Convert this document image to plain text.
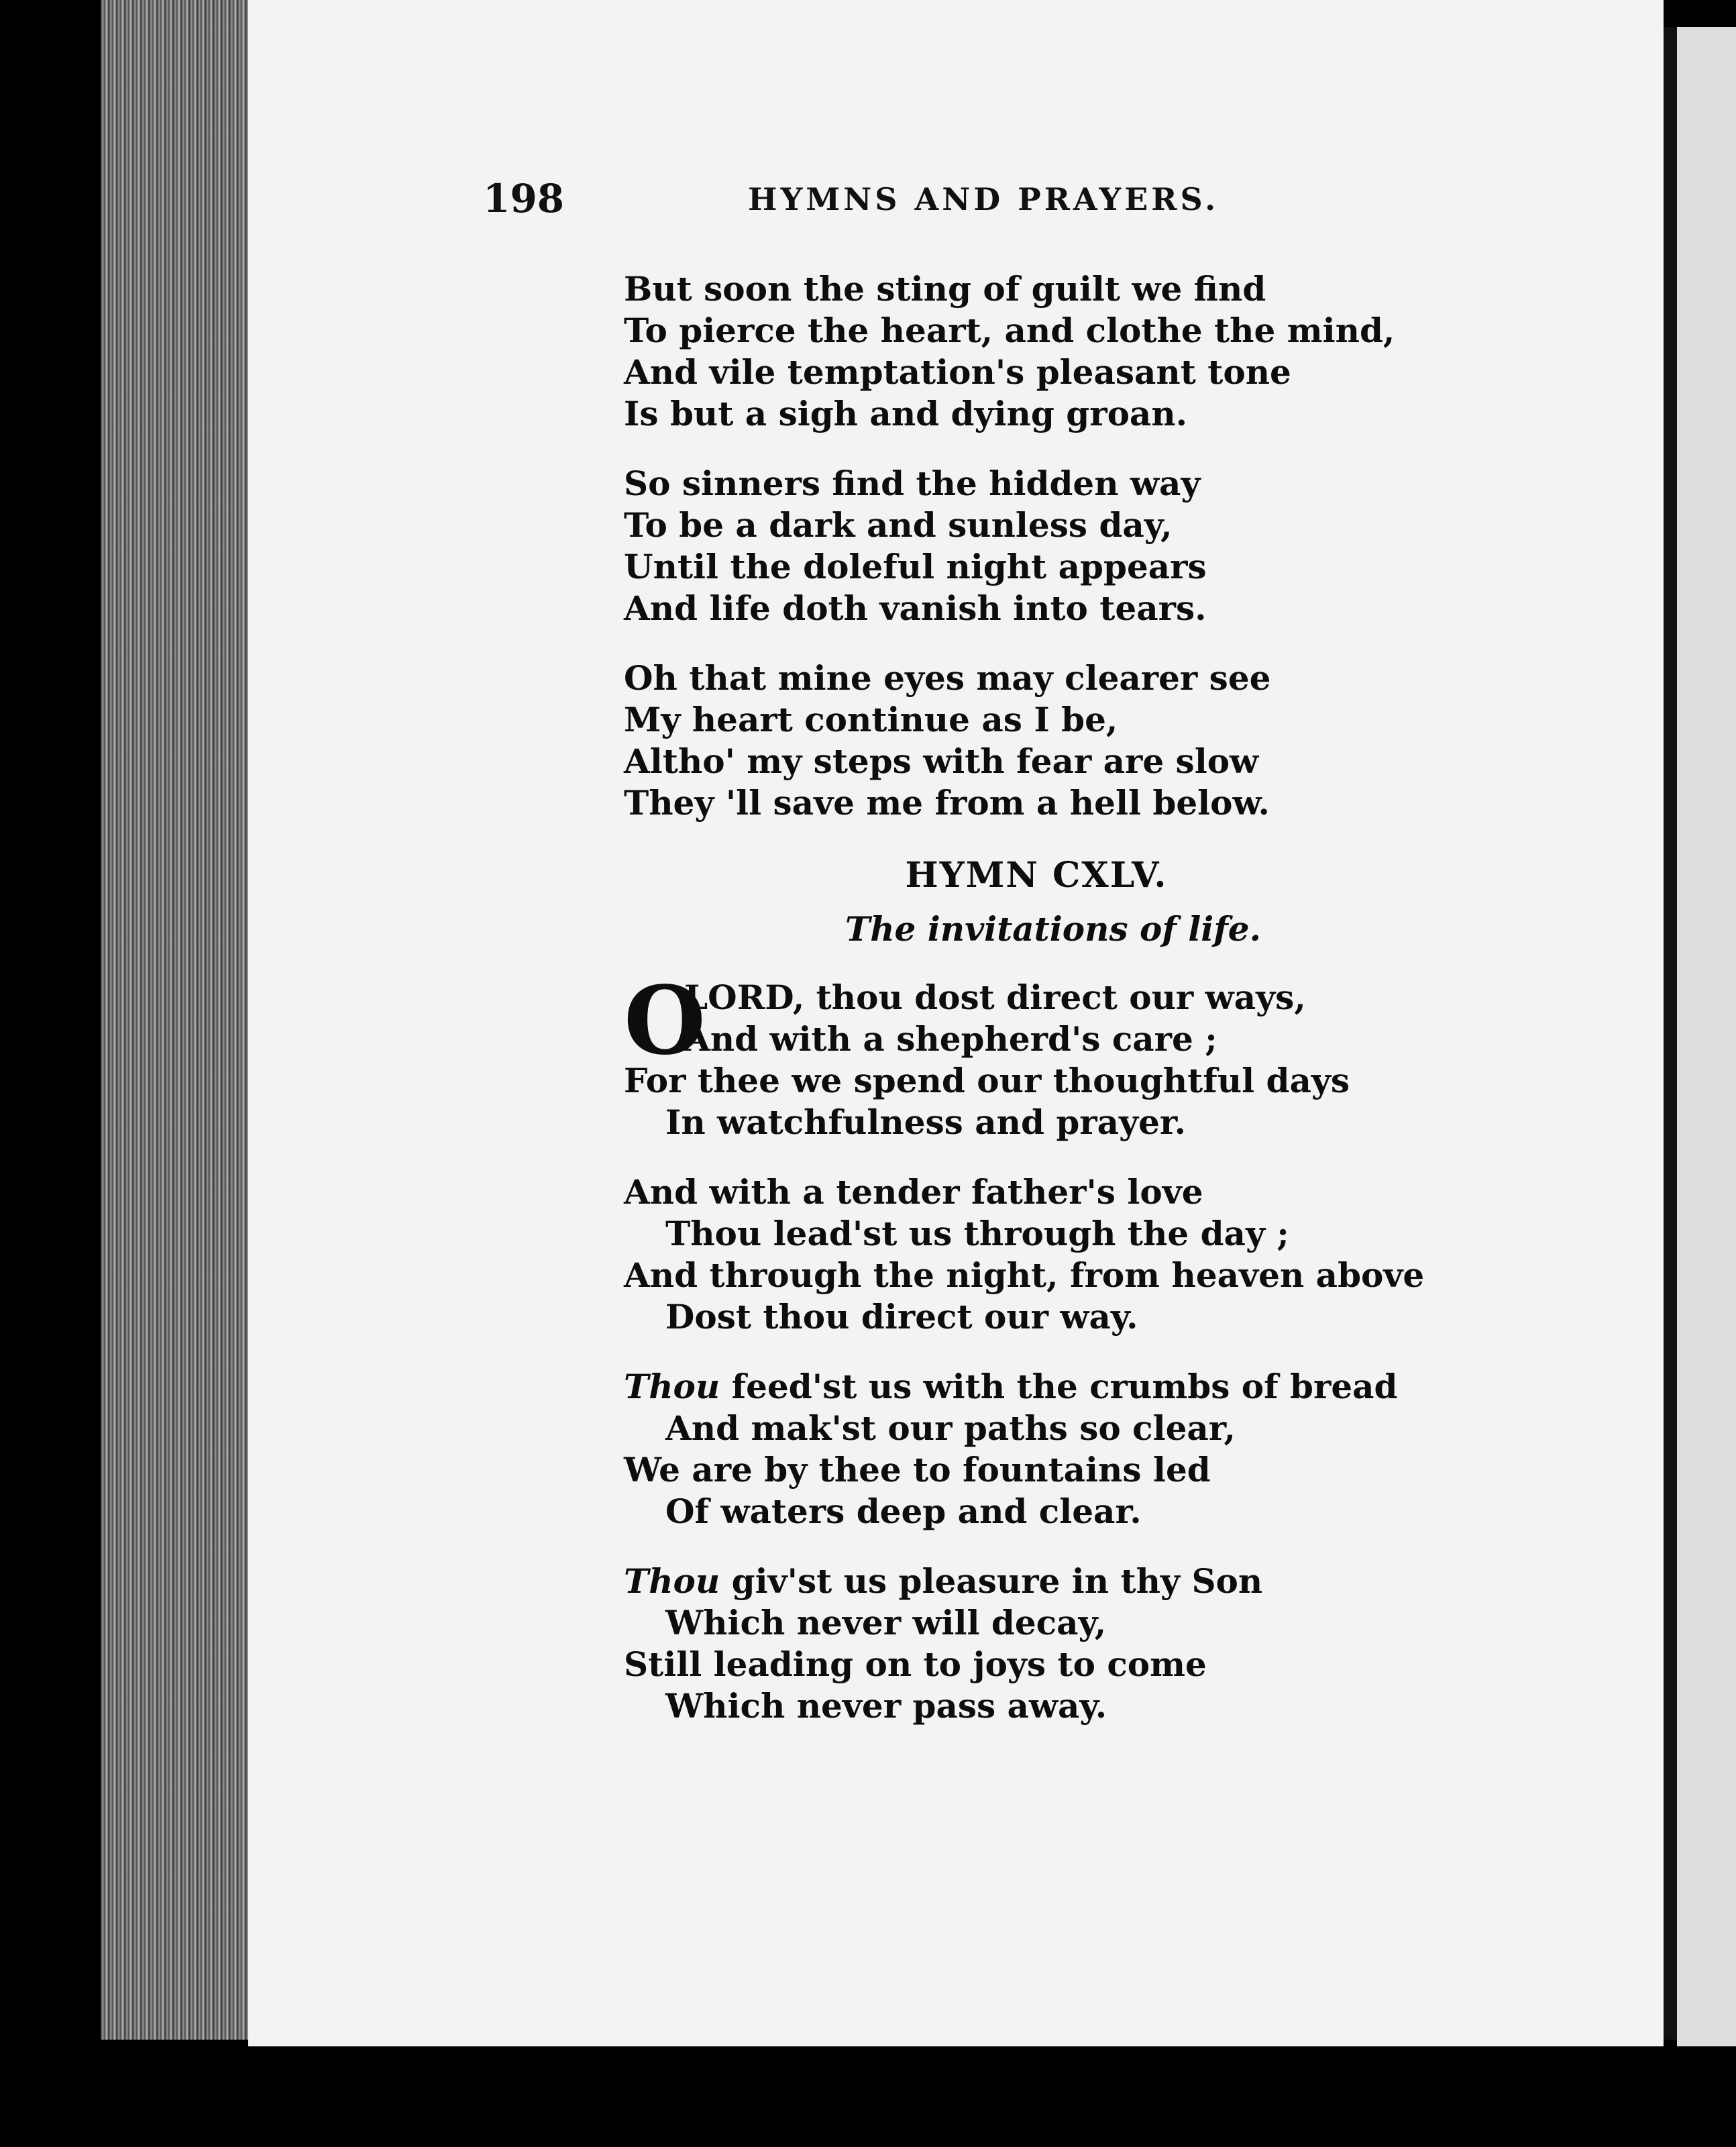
198	HYMNS AND PRAYERS.
But soon the sting of guilt we find
To pierce the heart, and clothe the mind,
And vile temptation's pleasant tone
Is but a sigh and dying groan.
So sinners find the hidden way
To be a dark and sunless day,
Until the doleful night appears
And life doth vanish into tears.
Oh that mine eyes may clearer see
My heart continue as I be,
Altho' my steps with fear are slow
They 'll save me from a hell below.
HYMN CXLV.
The invitations of life.
O
LORD, thou dost direct our ways,
And with a shepherd's care ;
For thee we spend our thoughtful days
In watchfulness and prayer.
And with a tender father's love
Thou lead'st us through the day ;
And through the night, from heaven above
Dost thou direct our way.
Thou feed'st us with the crumbs of bread
And mak'st our paths so clear,
We are by thee to fountains led
Of waters deep and clear.
Thou giv'st us pleasure in thy Son
Which never will decay,
Still leading on to joys to come
Which never pass away.
